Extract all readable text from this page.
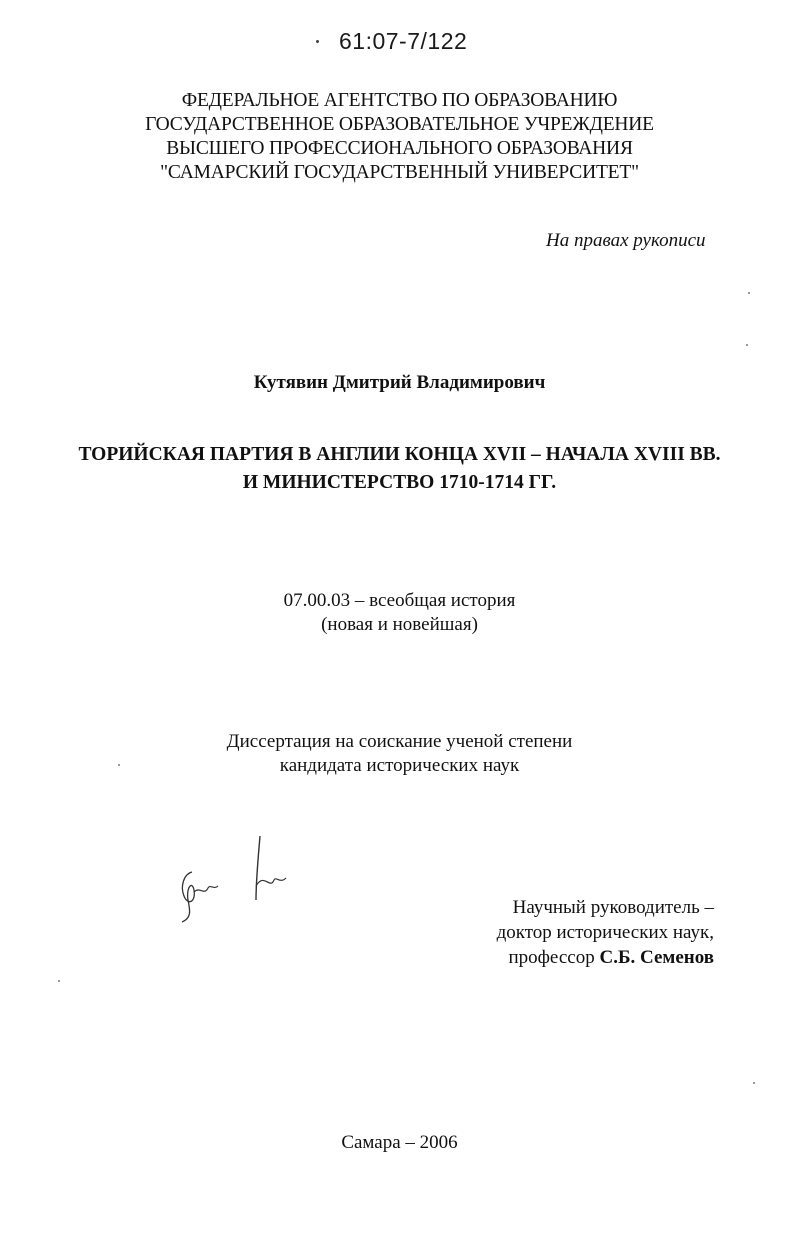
61:07-7/122
ФЕДЕРАЛЬНОЕ АГЕНТСТВО ПО ОБРАЗОВАНИЮ
ГОСУДАРСТВЕННОЕ ОБРАЗОВАТЕЛЬНОЕ УЧРЕЖДЕНИЕ
ВЫСШЕГО ПРОФЕССИОНАЛЬНОГО ОБРАЗОВАНИЯ
"САМАРСКИЙ ГОСУДАРСТВЕННЫЙ УНИВЕРСИТЕТ"
На правах рукописи
Кутявин Дмитрий Владимирович
ТОРИЙСКАЯ ПАРТИЯ В АНГЛИИ КОНЦА XVII – НАЧАЛА XVIII ВВ.
И МИНИСТЕРСТВО 1710-1714 ГГ.
07.00.03 – всеобщая история
(новая и новейшая)
Диссертация на соискание ученой степени
кандидата исторических наук
Научный руководитель –
доктор исторических наук,
профессор С.Б. Семенов
Самара – 2006
